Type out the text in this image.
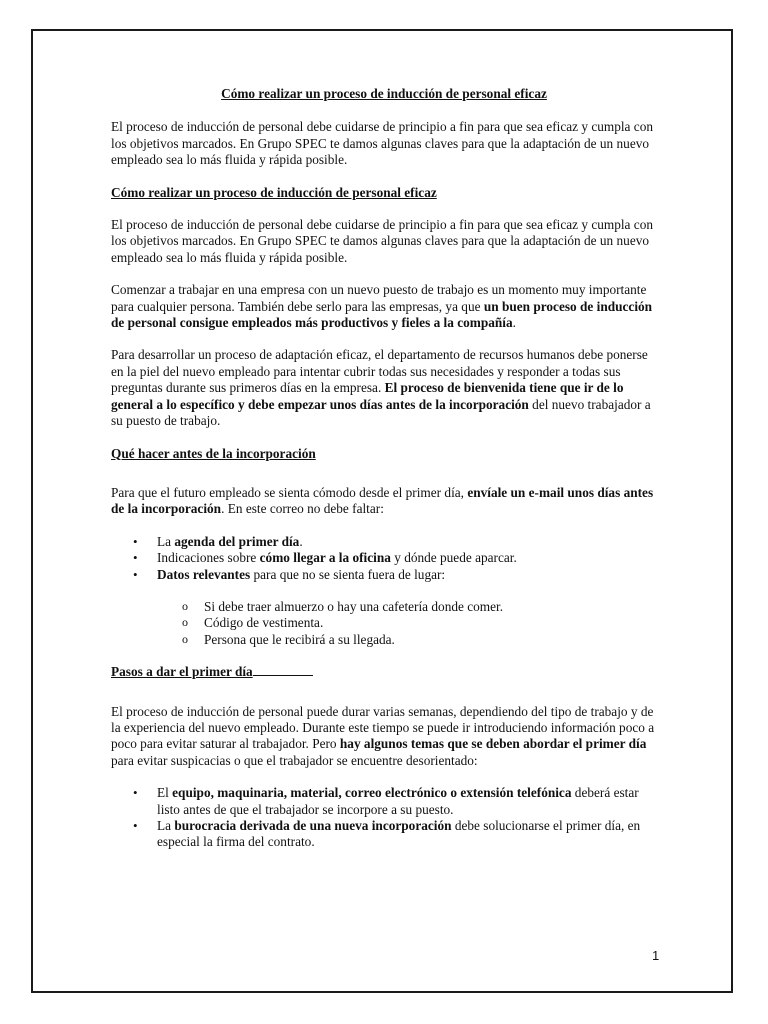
Cómo realizar un proceso de inducción de personal eficaz

El proceso de inducción de personal debe cuidarse de principio a fin para que sea eficaz y cumpla con los objetivos marcados. En Grupo SPEC te damos algunas claves para que la adaptación de un nuevo empleado sea lo más fluida y rápida posible.

Cómo realizar un proceso de inducción de personal eficaz

El proceso de inducción de personal debe cuidarse de principio a fin para que sea eficaz y cumpla con los objetivos marcados. En Grupo SPEC te damos algunas claves para que la adaptación de un nuevo empleado sea lo más fluida y rápida posible.

Comenzar a trabajar en una empresa con un nuevo puesto de trabajo es un momento muy importante para cualquier persona. También debe serlo para las empresas, ya que un buen proceso de inducción de personal consigue empleados más productivos y fieles a la compañía.

Para desarrollar un proceso de adaptación eficaz, el departamento de recursos humanos debe ponerse en la piel del nuevo empleado para intentar cubrir todas sus necesidades y responder a todas sus preguntas durante sus primeros días en la empresa. El proceso de bienvenida tiene que ir de lo general a lo específico y debe empezar unos días antes de la incorporación del nuevo trabajador a su puesto de trabajo.

Qué hacer antes de la incorporación

Para que el futuro empleado se sienta cómodo desde el primer día, envíale un e-mail unos días antes de la incorporación. En este correo no debe faltar:

• La agenda del primer día.
• Indicaciones sobre cómo llegar a la oficina y dónde puede aparcar.
• Datos relevantes para que no se sienta fuera de lugar:
o Si debe traer almuerzo o hay una cafetería donde comer.
o Código de vestimenta.
o Persona que le recibirá a su llegada.

Pasos a dar el primer día

El proceso de inducción de personal puede durar varias semanas, dependiendo del tipo de trabajo y de la experiencia del nuevo empleado. Durante este tiempo se puede ir introduciendo información poco a poco para evitar saturar al trabajador. Pero hay algunos temas que se deben abordar el primer día para evitar suspicacias o que el trabajador se encuentre desorientado:

• El equipo, maquinaria, material, correo electrónico o extensión telefónica deberá estar listo antes de que el trabajador se incorpore a su puesto.
• La burocracia derivada de una nueva incorporación debe solucionarse el primer día, en especial la firma del contrato.
1
